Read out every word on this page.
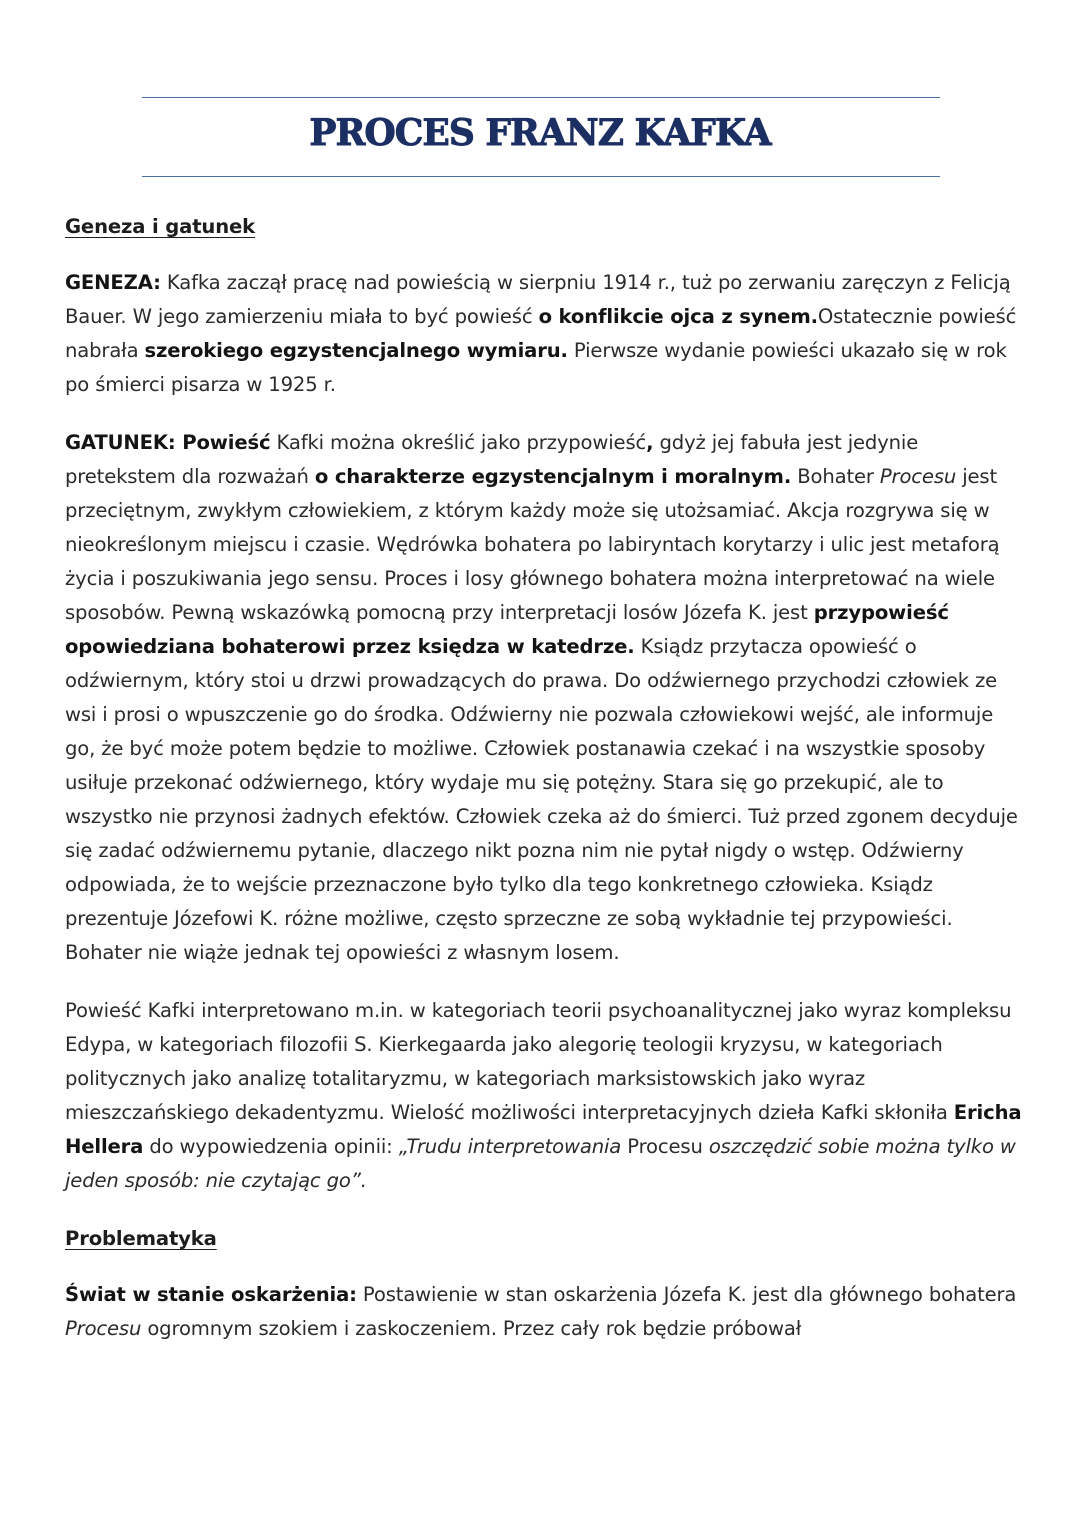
PROCES FRANZ KAFKA
Geneza i gatunek

GENEZA: Kafka zaczął pracę nad powieścią w sierpniu 1914 r., tuż po zerwaniu zaręczyn z Felicją Bauer. W jego zamierzeniu miała to być powieść o konflikcie ojca z synem.Ostatecznie powieść nabrała szerokiego egzystencjalnego wymiaru. Pierwsze wydanie powieści ukazało się w rok po śmierci pisarza w 1925 r.

GATUNEK: Powieść Kafki można określić jako przypowieść, gdyż jej fabuła jest jedynie pretekstem dla rozważań o charakterze egzystencjalnym i moralnym. Bohater Procesu jest przeciętnym, zwykłym człowiekiem, z którym każdy może się utożsamiać. Akcja rozgrywa się w nieokreślonym miejscu i czasie. Wędrówka bohatera po labiryntach korytarzy i ulic jest metaforą życia i poszukiwania jego sensu. Proces i losy głównego bohatera można interpretować na wiele sposobów. Pewną wskazówką pomocną przy interpretacji losów Józefa K. jest przypowieść opowiedziana bohaterowi przez księdza w katedrze. Ksiądz przytacza opowieść o odźwiernym, który stoi u drzwi prowadzących do prawa. Do odźwiernego przychodzi człowiek ze wsi i prosi o wpuszczenie go do środka. Odźwierny nie pozwala człowiekowi wejść, ale informuje go, że być może potem będzie to możliwe. Człowiek postanawia czekać i na wszystkie sposoby usiłuje przekonać odźwiernego, który wydaje mu się potężny. Stara się go przekupić, ale to wszystko nie przynosi żadnych efektów. Człowiek czeka aż do śmierci. Tuż przed zgonem decyduje się zadać odźwiernemu pytanie, dlaczego nikt pozna nim nie pytał nigdy o wstęp. Odźwierny odpowiada, że to wejście przeznaczone było tylko dla tego konkretnego człowieka. Ksiądz prezentuje Józefowi K. różne możliwe, często sprzeczne ze sobą wykładnie tej przypowieści. Bohater nie wiąże jednak tej opowieści z własnym losem.

Powieść Kafki interpretowano m.in. w kategoriach teorii psychoanalitycznej jako wyraz kompleksu Edypa, w kategoriach filozofii S. Kierkegaarda jako alegorię teologii kryzysu, w kategoriach politycznych jako analizę totalitaryzmu, w kategoriach marksistowskich jako wyraz mieszczańskiego dekadentyzmu. Wielość możliwości interpretacyjnych dzieła Kafki skłoniła Ericha Hellera do wypowiedzenia opinii: „Trudu interpretowania Procesu oszczędzić sobie można tylko w jeden sposób: nie czytając go”.

Problematyka

Świat w stanie oskarżenia: Postawienie w stan oskarżenia Józefa K. jest dla głównego bohatera Procesu ogromnym szokiem i zaskoczeniem. Przez cały rok będzie próbował
